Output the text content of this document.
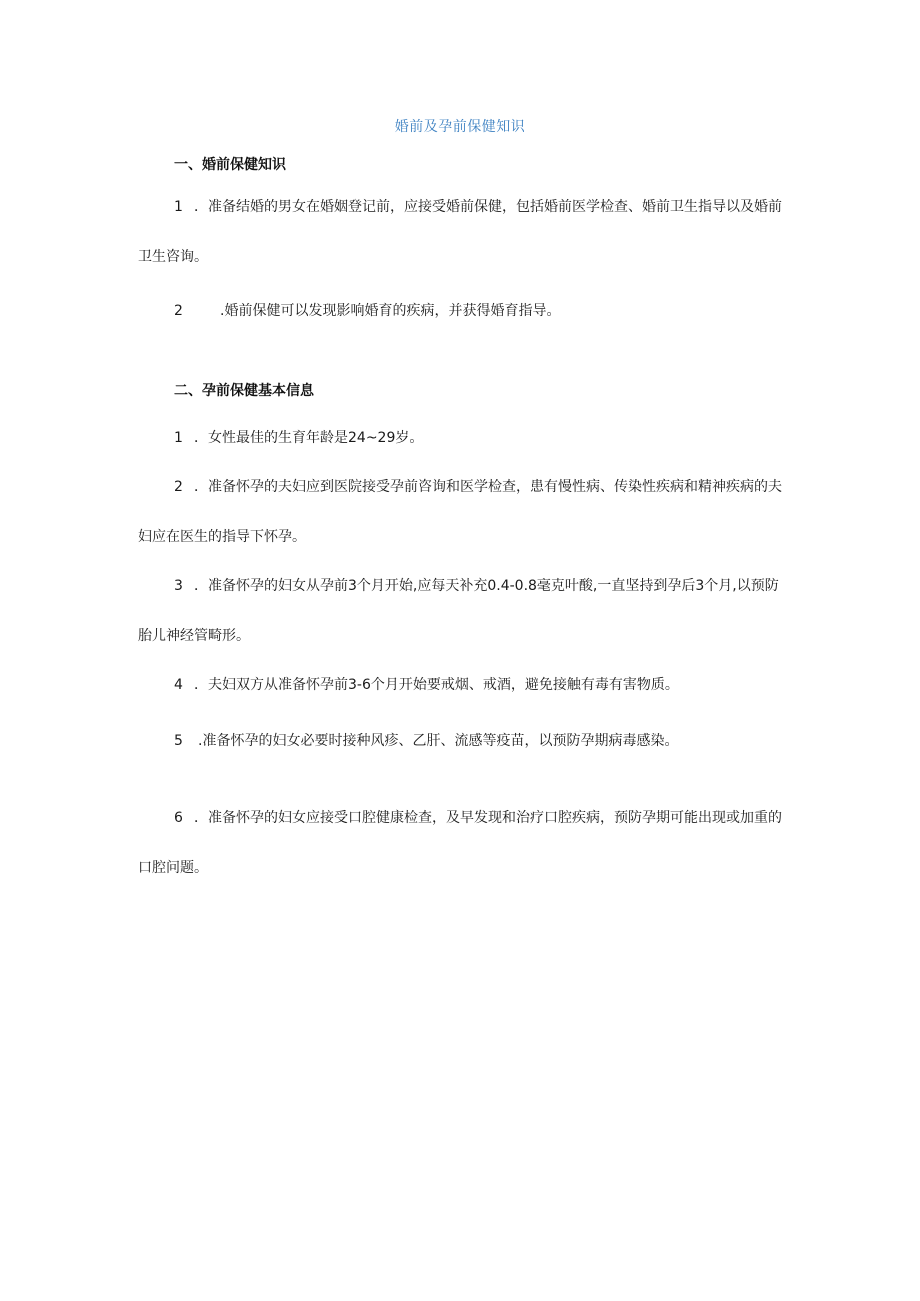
婚前及孕前保健知识
一、婚前保健知识
1 ．准备结婚的男女在婚姻登记前，应接受婚前保健，包括婚前医学检查、婚前卫生指导以及婚前卫生咨询。
2	.婚前保健可以发现影响婚育的疾病，并获得婚育指导。
二、孕前保健基本信息
1 ．女性最佳的生育年龄是24~29岁。
2 ．准备怀孕的夫妇应到医院接受孕前咨询和医学检查，患有慢性病、传染性疾病和精神疾病的夫妇应在医生的指导下怀孕。
3 ．准备怀孕的妇女从孕前3个月开始,应每天补充0.4-0.8毫克叶酸,一直坚持到孕后3个月,以预防胎儿神经管畸形。
4 ．夫妇双方从准备怀孕前3-6个月开始要戒烟、戒酒，避免接触有毒有害物质。
5 .准备怀孕的妇女必要时接种风疹、乙肝、流感等疫苗，以预防孕期病毒感染。
6 ．准备怀孕的妇女应接受口腔健康检查，及早发现和治疗口腔疾病，预防孕期可能出现或加重的口腔问题。
